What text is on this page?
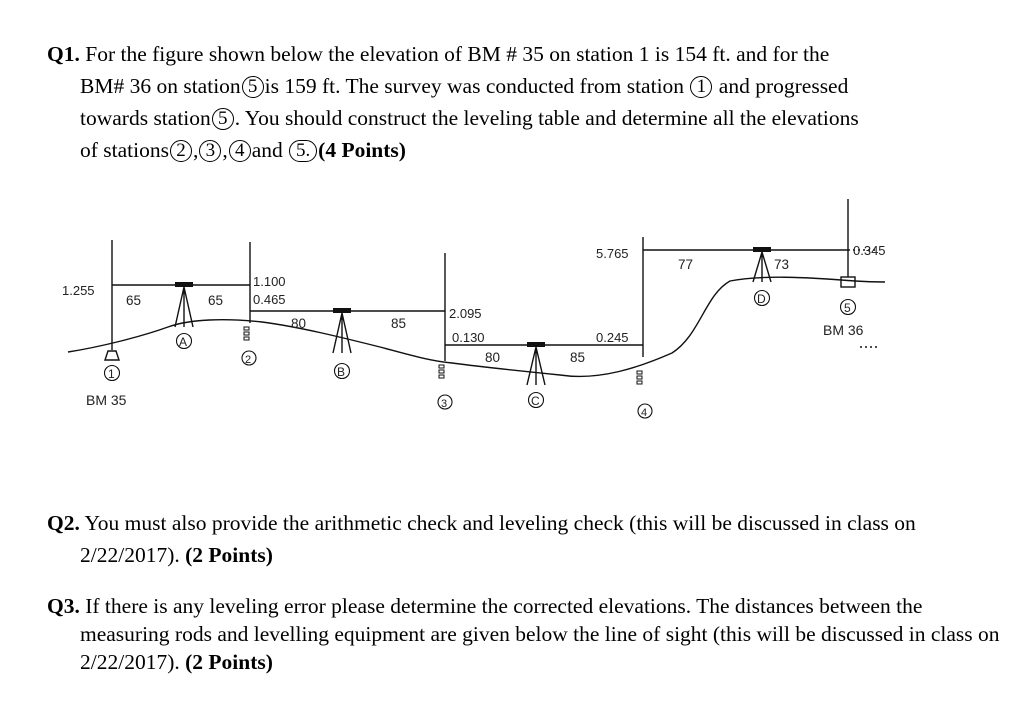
Q1. For the figure shown below the elevation of BM # 35 on station 1 is 154 ft. and for the
BM# 36 on station 5 is 159 ft. The survey was conducted from station 1 and progressed
towards station 5 . You should construct the leveling table and determine all the elevations
of stations 2 , 3 , 4 and 5. (4 Points)
1.255
1.100
0.465
2.095
0.130	0.245
5.765	0.345
65	65
80	85
80	85
77	73
1
2
3
4
5
A
B
C
D
BM 35
BM 36
Q2. You must also provide the arithmetic check and leveling check (this will be discussed in class on 2/22/2017). (2 Points)
Q3. If there is any leveling error please determine the corrected elevations. The distances between the measuring rods and levelling equipment are given below the line of sight (this will be discussed in class on 2/22/2017). (2 Points)
